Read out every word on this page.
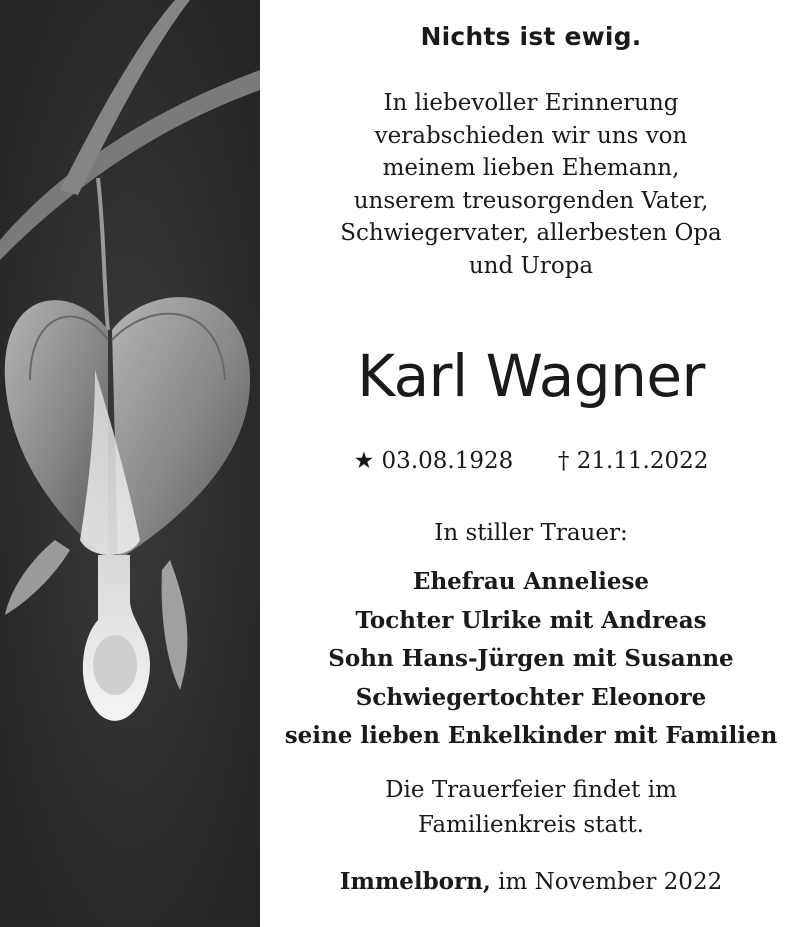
Nichts ist ewig.
In liebevoller Erinnerung
verabschieden wir uns von
meinem lieben Ehemann,
unserem treusorgenden Vater,
Schwiegervater, allerbesten Opa
und Uropa
Karl Wagner
★ 03.08.1928 † 21.11.2022
In stiller Trauer:
Ehefrau Anneliese
Tochter Ulrike mit Andreas
Sohn Hans-Jürgen mit Susanne
Schwiegertochter Eleonore
seine lieben Enkelkinder mit Familien
Die Trauerfeier findet im
Familienkreis statt.
Immelborn, im November 2022
